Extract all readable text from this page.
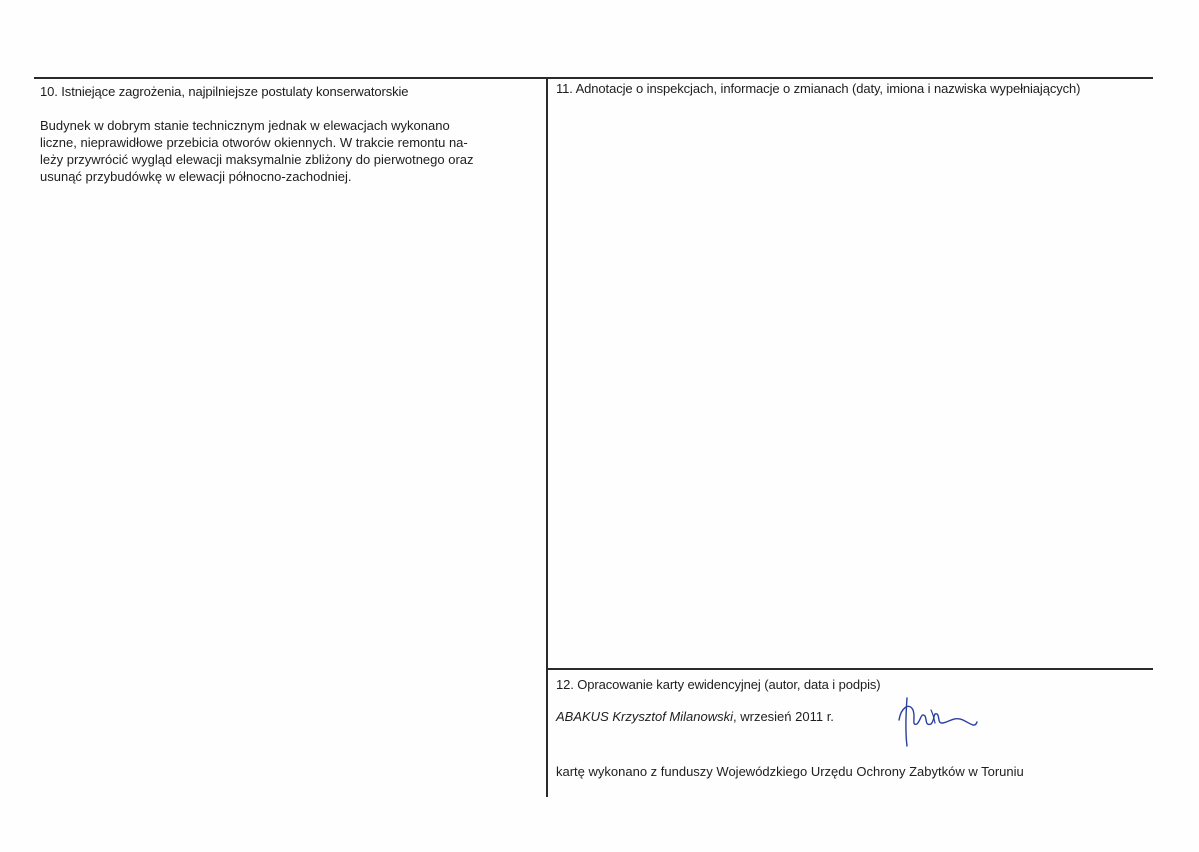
10. Istniejące zagrożenia, najpilniejsze postulaty konserwatorskie
Budynek w dobrym stanie technicznym jednak w elewacjach wykonano
liczne, nieprawidłowe przebicia otworów okiennych. W trakcie remontu na-
leży przywrócić wygląd elewacji maksymalnie zbliżony do pierwotnego oraz
usunąć przybudówkę w elewacji północno-zachodniej.
11. Adnotacje o inspekcjach, informacje o zmianach (daty, imiona i nazwiska wypełniających)
12. Opracowanie karty ewidencyjnej (autor, data i podpis)
ABAKUS Krzysztof Milanowski, wrzesień 2011 r.
kartę wykonano z funduszy Wojewódzkiego Urzędu Ochrony Zabytków w Toruniu
